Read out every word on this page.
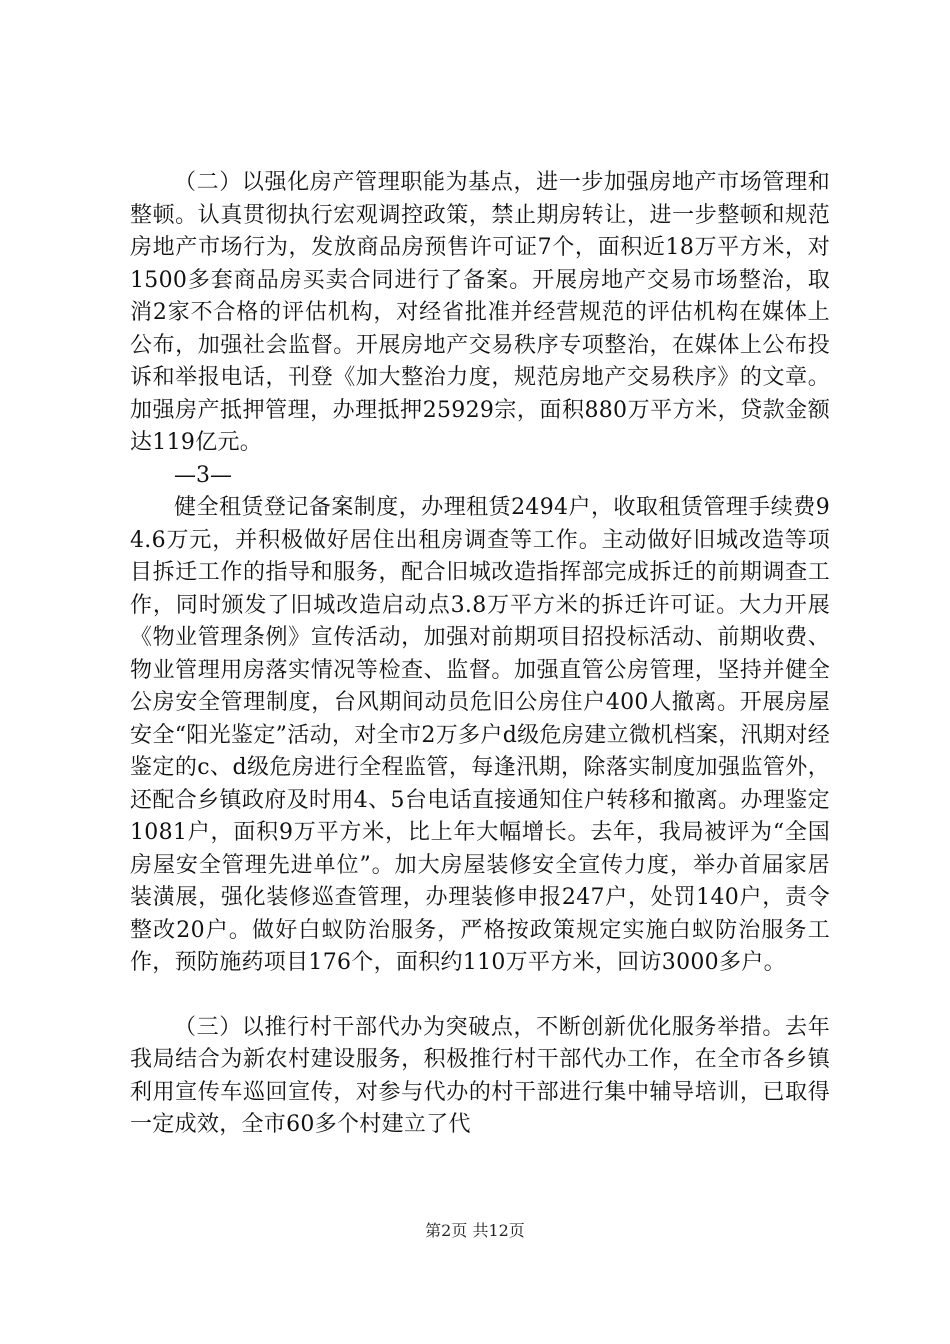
（二）以强化房产管理职能为基点，进一步加强房地产市场管理和整顿。认真贯彻执行宏观调控政策，禁止期房转让，进一步整顿和规范房地产市场行为，发放商品房预售许可证7个，面积近18万平方米，对1500多套商品房买卖合同进行了备案。开展房地产交易市场整治，取消2家不合格的评估机构，对经省批准并经营规范的评估机构在媒体上公布，加强社会监督。开展房地产交易秩序专项整治，在媒体上公布投诉和举报电话，刊登《加大整治力度，规范房地产交易秩序》的文章。加强房产抵押管理，办理抵押25929宗，面积880万平方米，贷款金额达119亿元。

—3—

健全租赁登记备案制度，办理租赁2494户，收取租赁管理手续费94.6万元，并积极做好居住出租房调查等工作。主动做好旧城改造等项目拆迁工作的指导和服务，配合旧城改造指挥部完成拆迁的前期调查工作，同时颁发了旧城改造启动点3.8万平方米的拆迁许可证。大力开展《物业管理条例》宣传活动，加强对前期项目招投标活动、前期收费、物业管理用房落实情况等检查、监督。加强直管公房管理，坚持并健全公房安全管理制度，台风期间动员危旧公房住户400人撤离。开展房屋安全“阳光鉴定”活动，对全市2万多户d级危房建立微机档案，汛期对经鉴定的c、d级危房进行全程监管，每逢汛期，除落实制度加强监管外，还配合乡镇政府及时用4、5台电话直接通知住户转移和撤离。办理鉴定1081户，面积9万平方米，比上年大幅增长。去年，我局被评为“全国房屋安全管理先进单位”。加大房屋装修安全宣传力度，举办首届家居装潢展，强化装修巡查管理，办理装修申报247户，处罚140户，责令整改20户。做好白蚁防治服务，严格按政策规定实施白蚁防治服务工作，预防施药项目176个，面积约110万平方米，回访3000多户。

（三）以推行村干部代办为突破点，不断创新优化服务举措。去年我局结合为新农村建设服务，积极推行村干部代办工作，在全市各乡镇利用宣传车巡回宣传，对参与代办的村干部进行集中辅导培训，已取得一定成效，全市60多个村建立了代

第2页 共12页
